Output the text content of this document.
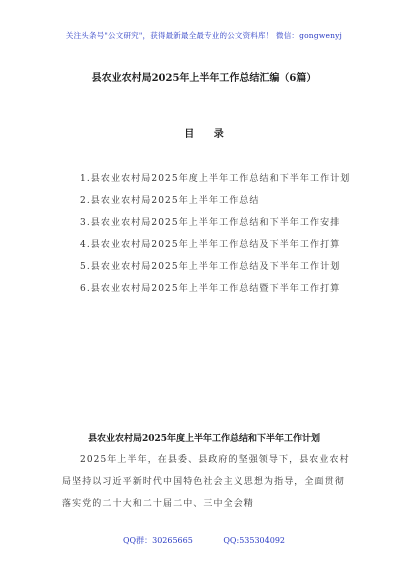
关注头条号"公文研究"，获得最新最全最专业的公文资料库！ 微信：gongwenyj
县农业农村局2025年上半年工作总结汇编（6篇）
目 录

1.县农业农村局2025年度上半年工作总结和下半年工作计划

2.县农业农村局2025年上半年工作总结

3.县农业农村局2025年上半年工作总结和下半年工作安排

4.县农业农村局2025年上半年工作总结及下半年工作打算

5.县农业农村局2025年上半年工作总结及下半年工作计划

6.县农业农村局2025年上半年工作总结暨下半年工作打算

县农业农村局2025年度上半年工作总结和下半年工作计划

2025年上半年，在县委、县政府的坚强领导下，县农业农村局坚持以习近平新时代中国特色社会主义思想为指导，全面贯彻落实党的二十大和二十届二中、三中全会精

QQ群：30265665	QQ:535304092
